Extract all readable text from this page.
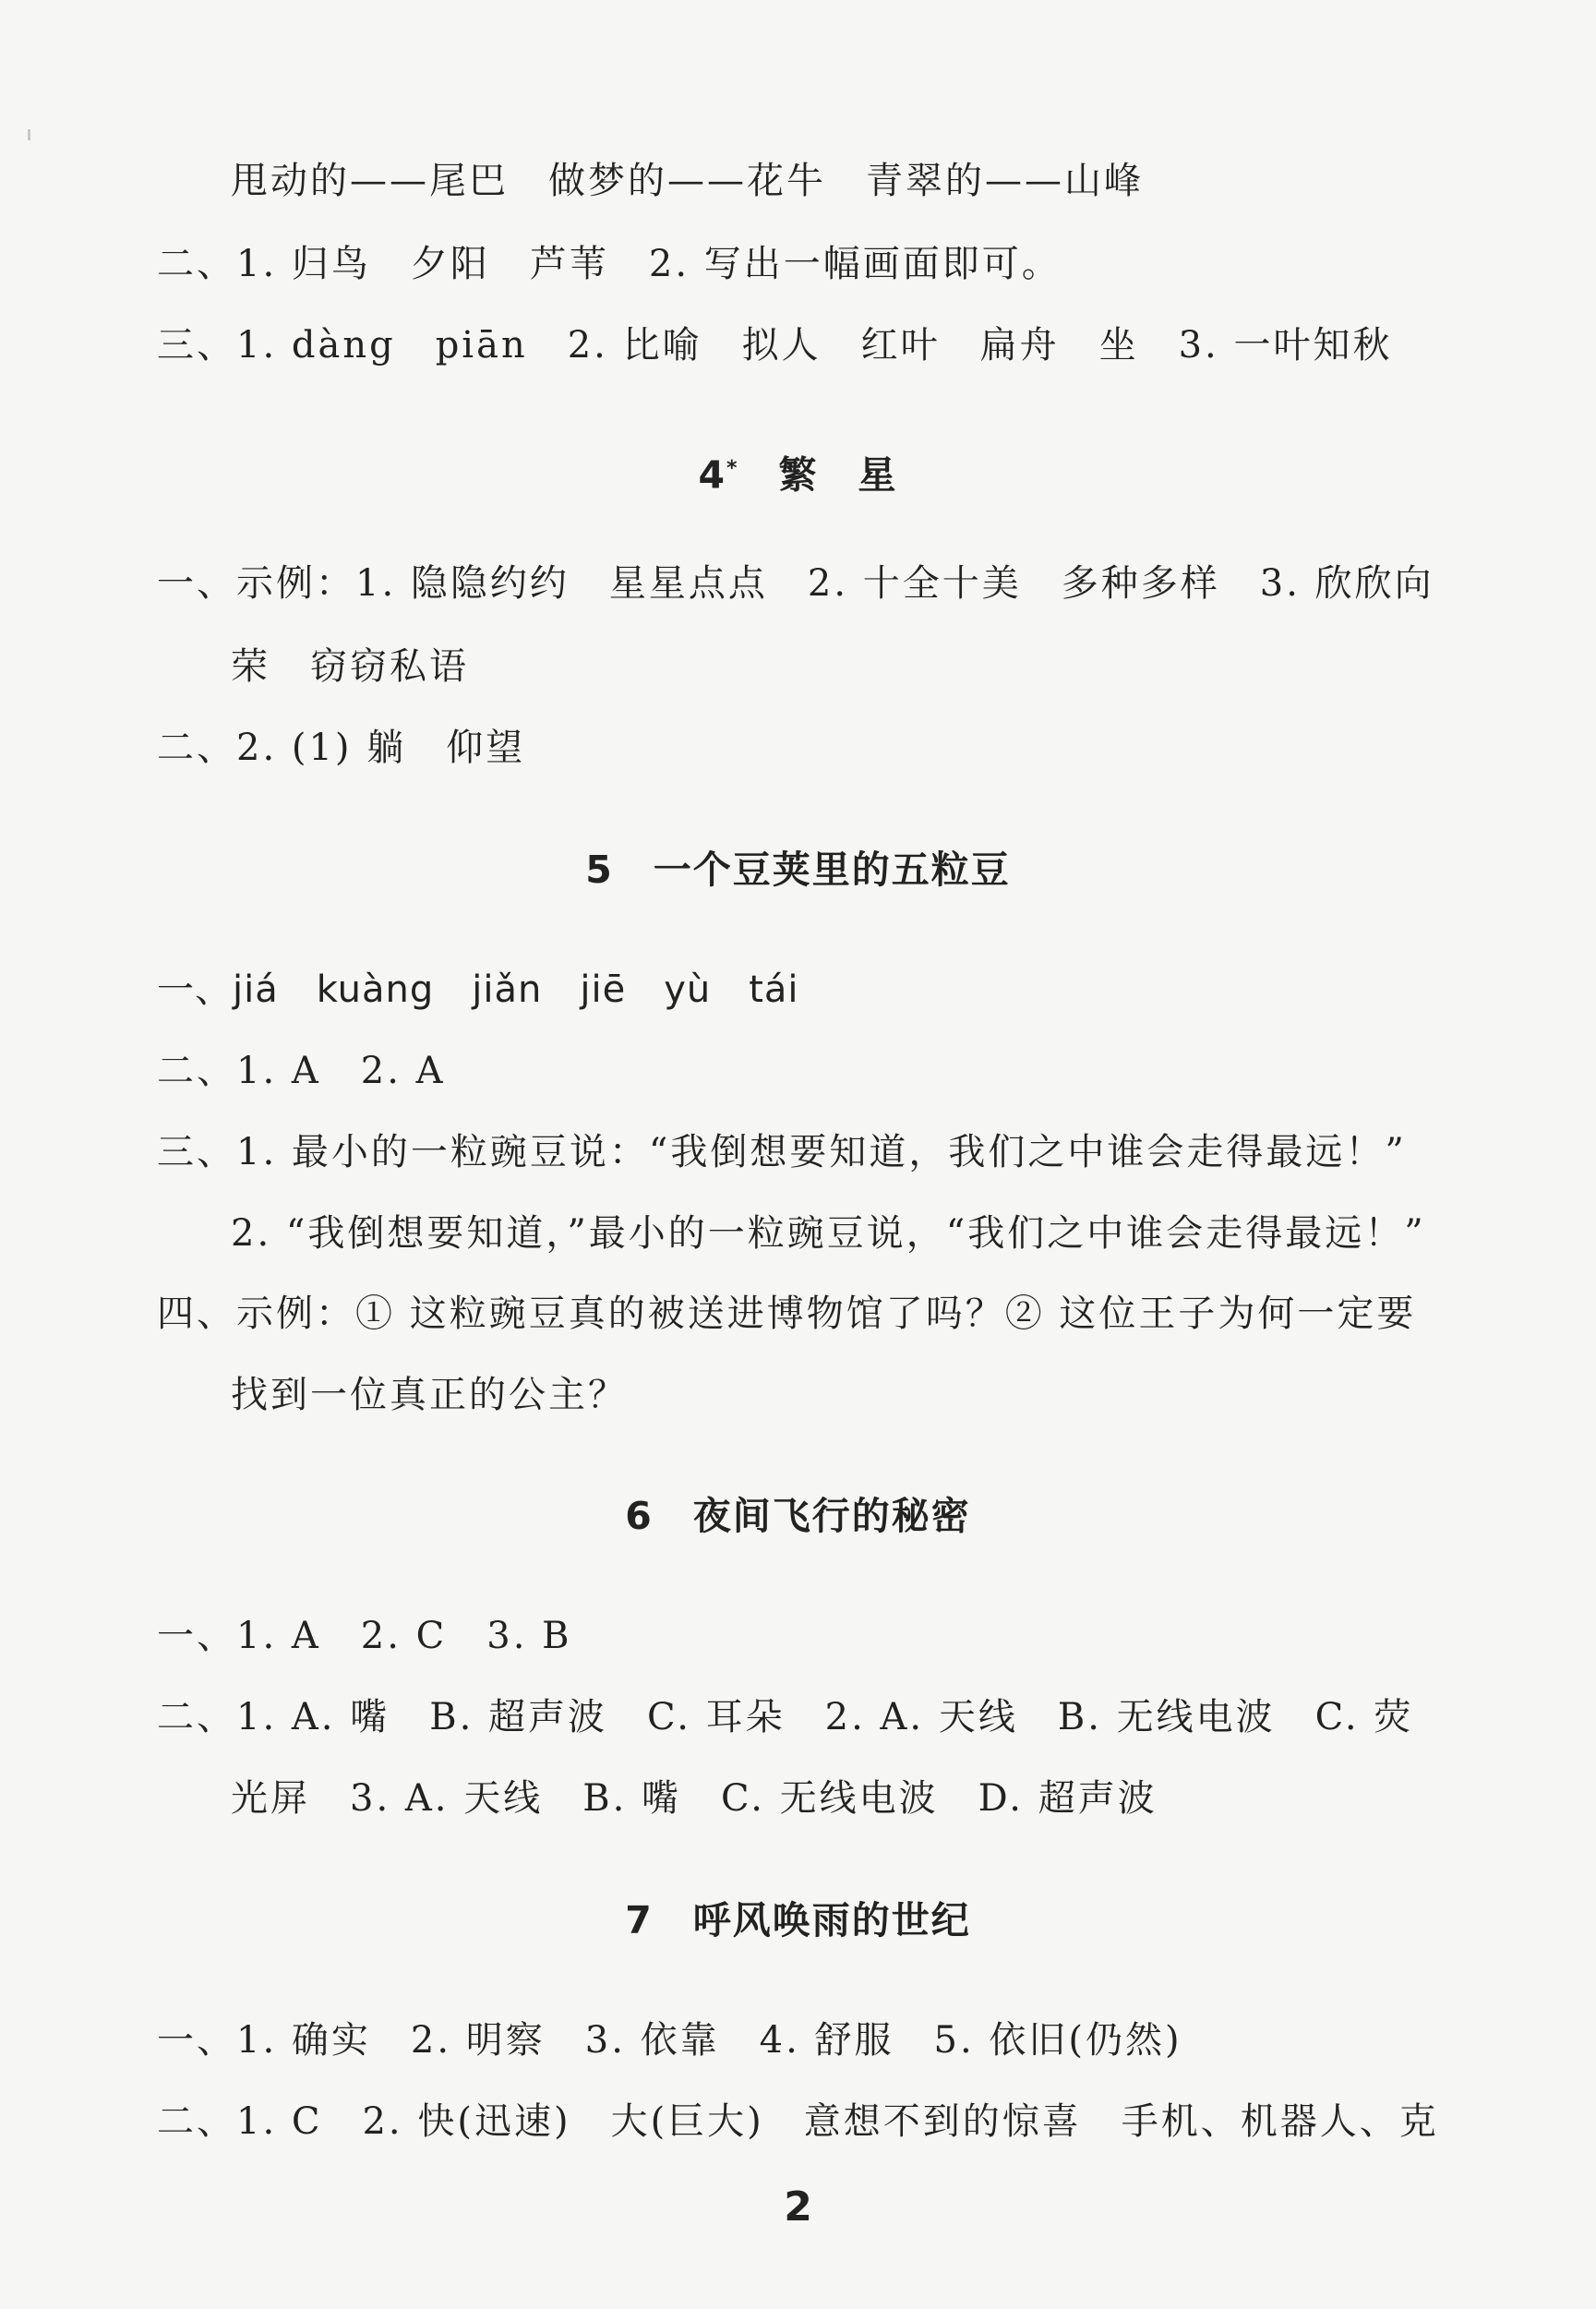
甩动的——尾巴　做梦的——花牛　青翠的——山峰
二、1. 归鸟　夕阳　芦苇　2. 写出一幅画面即可。
三、1. dàng　piān　2. 比喻　拟人　红叶　扁舟　坐　3. 一叶知秋
4*　 繁　星
一、示例：1. 隐隐约约　星星点点　2. 十全十美　多种多样　3. 欣欣向
荣　窃窃私语
二、2. (1) 躺　仰望
5　一个豆荚里的五粒豆
一、jiá　kuàng　jiǎn　jiē　yù　tái
二、1. A　2. A
三、1. 最小的一粒豌豆说：“我倒想要知道，我们之中谁会走得最远！”
2. “我倒想要知道，”最小的一粒豌豆说，“我们之中谁会走得最远！”
四、示例：① 这粒豌豆真的被送进博物馆了吗？② 这位王子为何一定要
找到一位真正的公主？
6　夜间飞行的秘密
一、1. A　2. C　3. B
二、1. A. 嘴　B. 超声波　C. 耳朵　2. A. 天线　B. 无线电波　C. 荧
光屏　3. A. 天线　B. 嘴　C. 无线电波　D. 超声波
7　呼风唤雨的世纪
一、1. 确实　2. 明察　3. 依靠　4. 舒服　5. 依旧(仍然)
二、1. C　2. 快(迅速)　大(巨大)　意想不到的惊喜　手机、机器人、克
2
